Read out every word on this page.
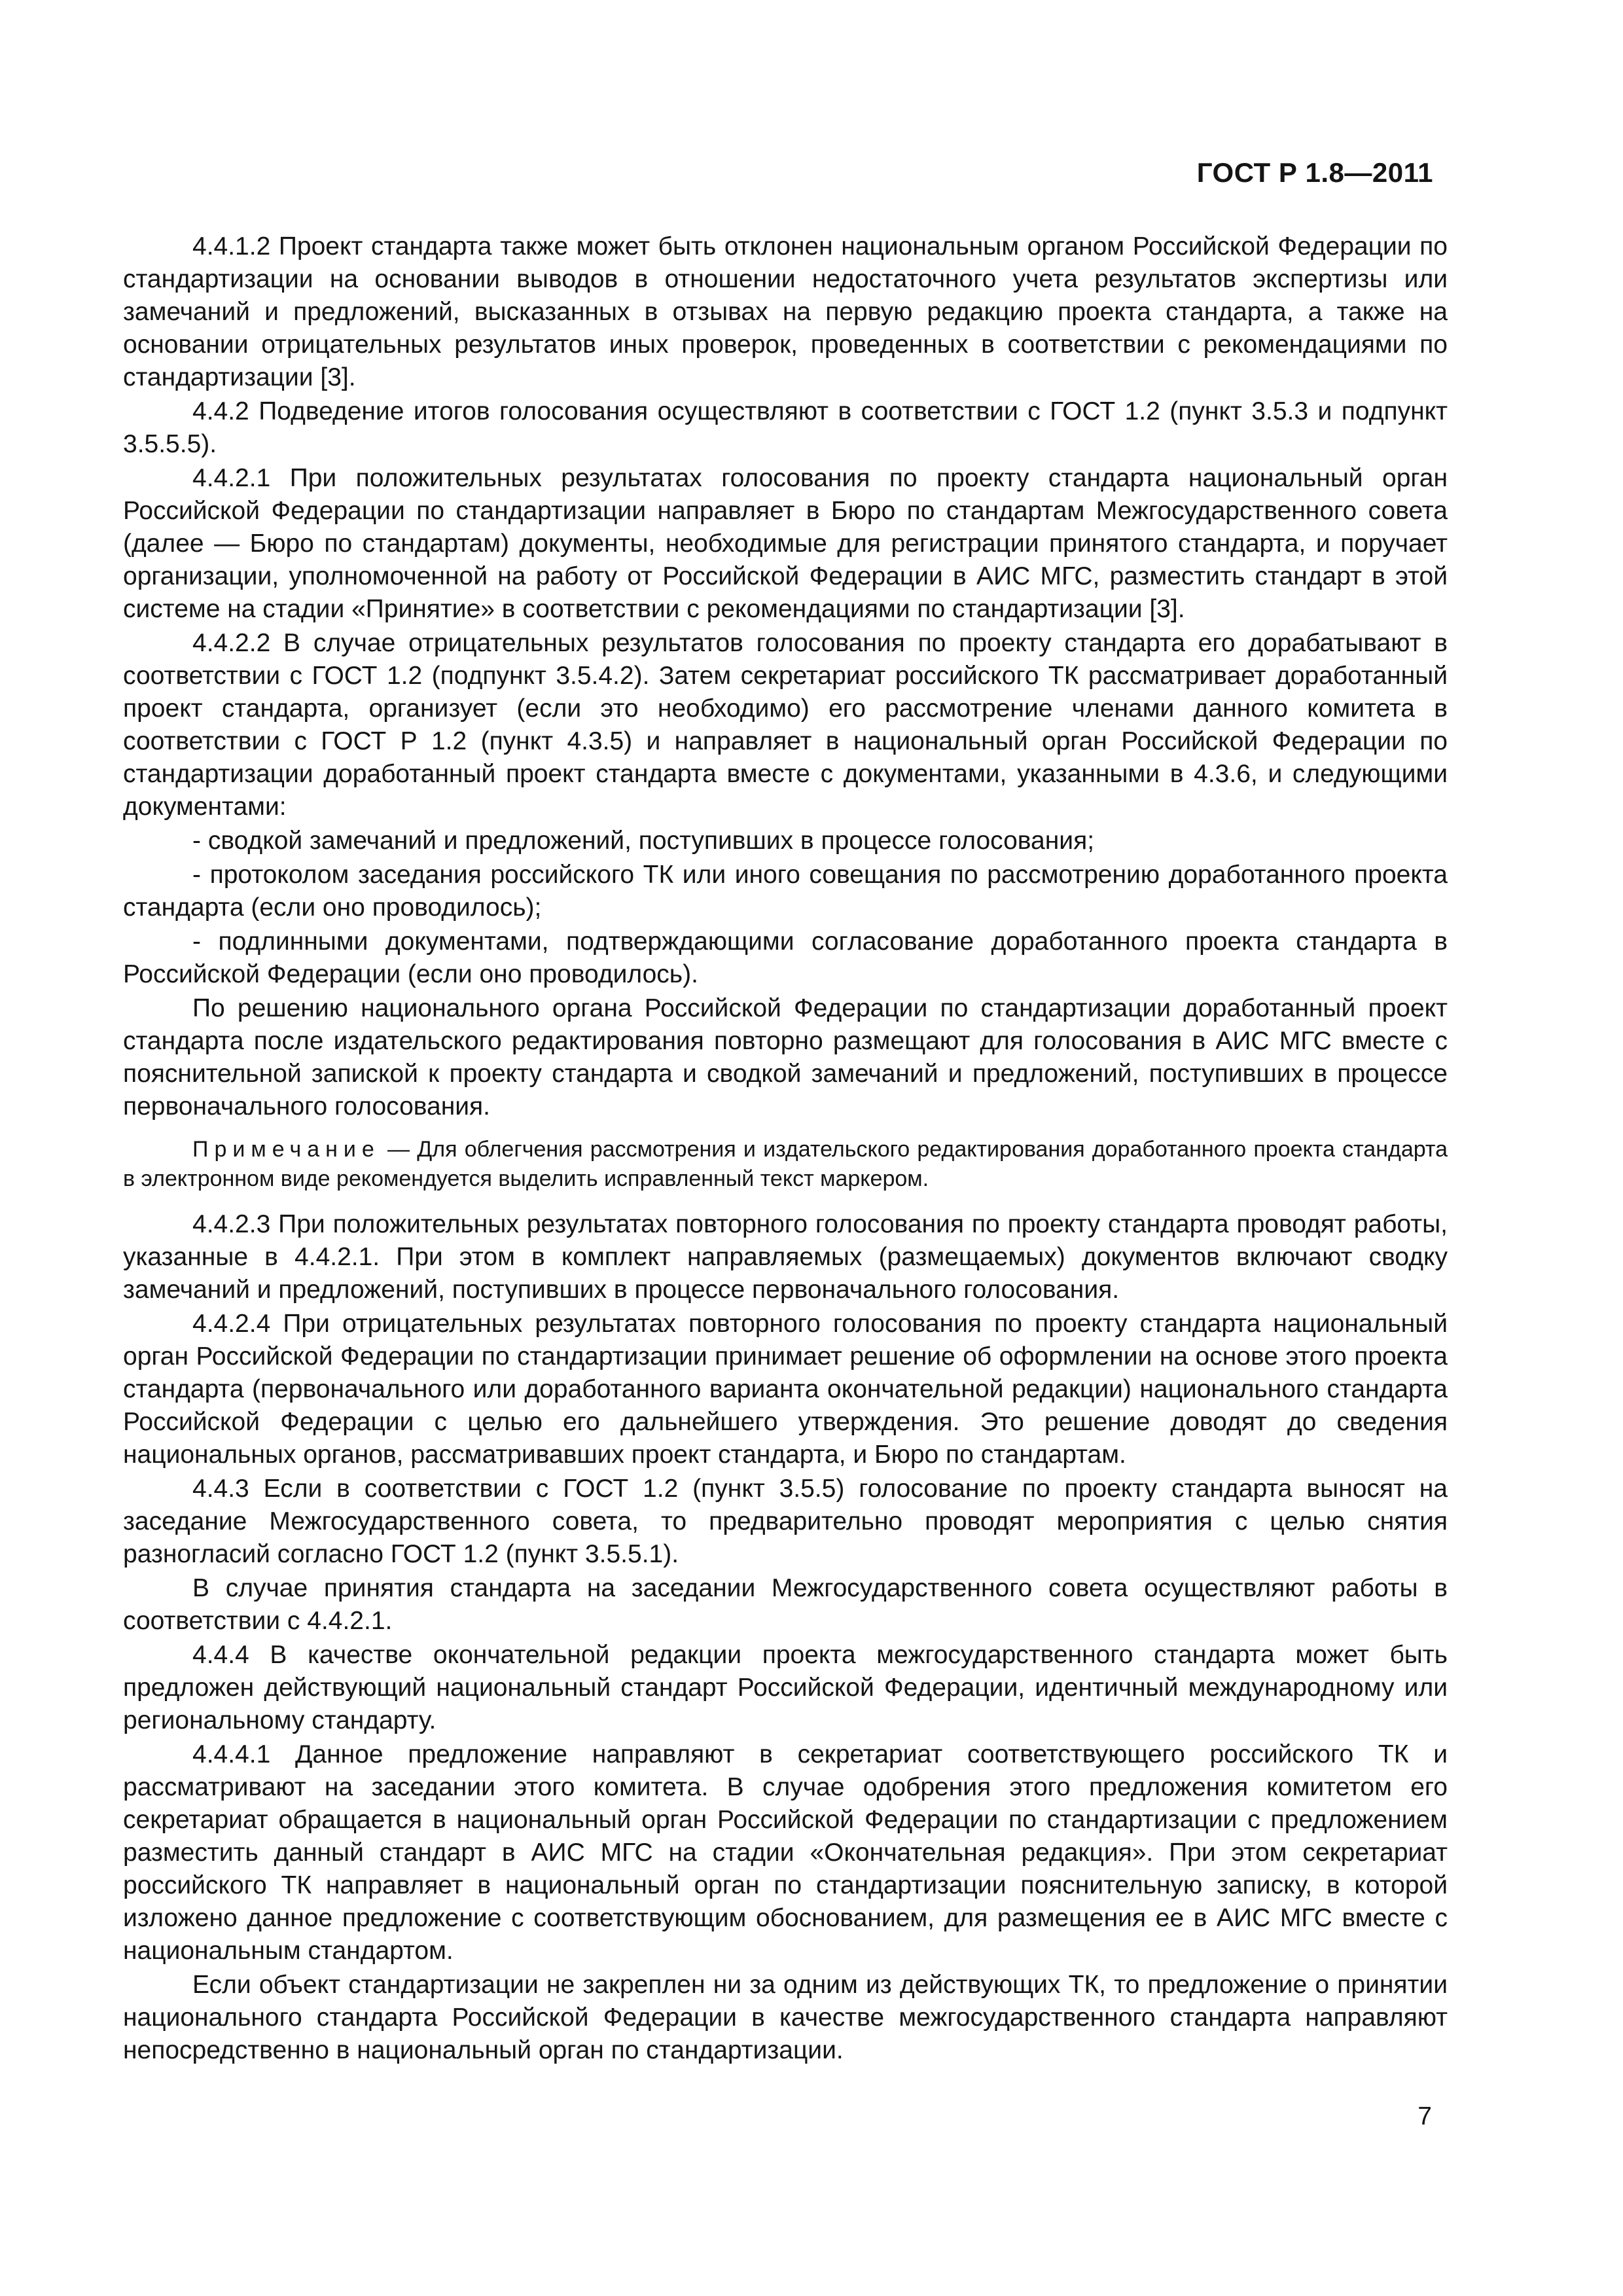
ГОСТ Р 1.8—2011

4.4.1.2 Проект стандарта также может быть отклонен национальным органом Российской Федерации по стандартизации на основании выводов в отношении недостаточного учета результатов экспертизы или замечаний и предложений, высказанных в отзывах на первую редакцию проекта стандарта, а также на основании отрицательных результатов иных проверок, проведенных в соответствии с рекомендациями по стандартизации [3].

4.4.2 Подведение итогов голосования осуществляют в соответствии с ГОСТ 1.2 (пункт 3.5.3 и подпункт 3.5.5.5).

4.4.2.1 При положительных результатах голосования по проекту стандарта национальный орган Российской Федерации по стандартизации направляет в Бюро по стандартам Межгосударственного совета (далее — Бюро по стандартам) документы, необходимые для регистрации принятого стандарта, и поручает организации, уполномоченной на работу от Российской Федерации в АИС МГС, разместить стандарт в этой системе на стадии «Принятие» в соответствии с рекомендациями по стандартизации [3].

4.4.2.2 В случае отрицательных результатов голосования по проекту стандарта его дорабатывают в соответствии с ГОСТ 1.2 (подпункт 3.5.4.2). Затем секретариат российского ТК рассматривает доработанный проект стандарта, организует (если это необходимо) его рассмотрение членами данного комитета в соответствии с ГОСТ Р 1.2 (пункт 4.3.5) и направляет в национальный орган Российской Федерации по стандартизации доработанный проект стандарта вместе с документами, указанными в 4.3.6, и следующими документами:

- сводкой замечаний и предложений, поступивших в процессе голосования;

- протоколом заседания российского ТК или иного совещания по рассмотрению доработанного проекта стандарта (если оно проводилось);

- подлинными документами, подтверждающими согласование доработанного проекта стандарта в Российской Федерации (если оно проводилось).

По решению национального органа Российской Федерации по стандартизации доработанный проект стандарта после издательского редактирования повторно размещают для голосования в АИС МГС вместе с пояснительной запиской к проекту стандарта и сводкой замечаний и предложений, поступивших в процессе первоначального голосования.

Примечание — Для облегчения рассмотрения и издательского редактирования доработанного проекта стандарта в электронном виде рекомендуется выделить исправленный текст маркером.

4.4.2.3 При положительных результатах повторного голосования по проекту стандарта проводят работы, указанные в 4.4.2.1. При этом в комплект направляемых (размещаемых) документов включают сводку замечаний и предложений, поступивших в процессе первоначального голосования.

4.4.2.4 При отрицательных результатах повторного голосования по проекту стандарта национальный орган Российской Федерации по стандартизации принимает решение об оформлении на основе этого проекта стандарта (первоначального или доработанного варианта окончательной редакции) национального стандарта Российской Федерации с целью его дальнейшего утверждения. Это решение доводят до сведения национальных органов, рассматривавших проект стандарта, и Бюро по стандартам.

4.4.3 Если в соответствии с ГОСТ 1.2 (пункт 3.5.5) голосование по проекту стандарта выносят на заседание Межгосударственного совета, то предварительно проводят мероприятия с целью снятия разногласий согласно ГОСТ 1.2 (пункт 3.5.5.1).

В случае принятия стандарта на заседании Межгосударственного совета осуществляют работы в соответствии с 4.4.2.1.

4.4.4 В качестве окончательной редакции проекта межгосударственного стандарта может быть предложен действующий национальный стандарт Российской Федерации, идентичный международному или региональному стандарту.

4.4.4.1 Данное предложение направляют в секретариат соответствующего российского ТК и рассматривают на заседании этого комитета. В случае одобрения этого предложения комитетом его секретариат обращается в национальный орган Российской Федерации по стандартизации с предложением разместить данный стандарт в АИС МГС на стадии «Окончательная редакция». При этом секретариат российского ТК направляет в национальный орган по стандартизации пояснительную записку, в которой изложено данное предложение с соответствующим обоснованием, для размещения ее в АИС МГС вместе с национальным стандартом.

Если объект стандартизации не закреплен ни за одним из действующих ТК, то предложение о принятии национального стандарта Российской Федерации в качестве межгосударственного стандарта направляют непосредственно в национальный орган по стандартизации.

7
